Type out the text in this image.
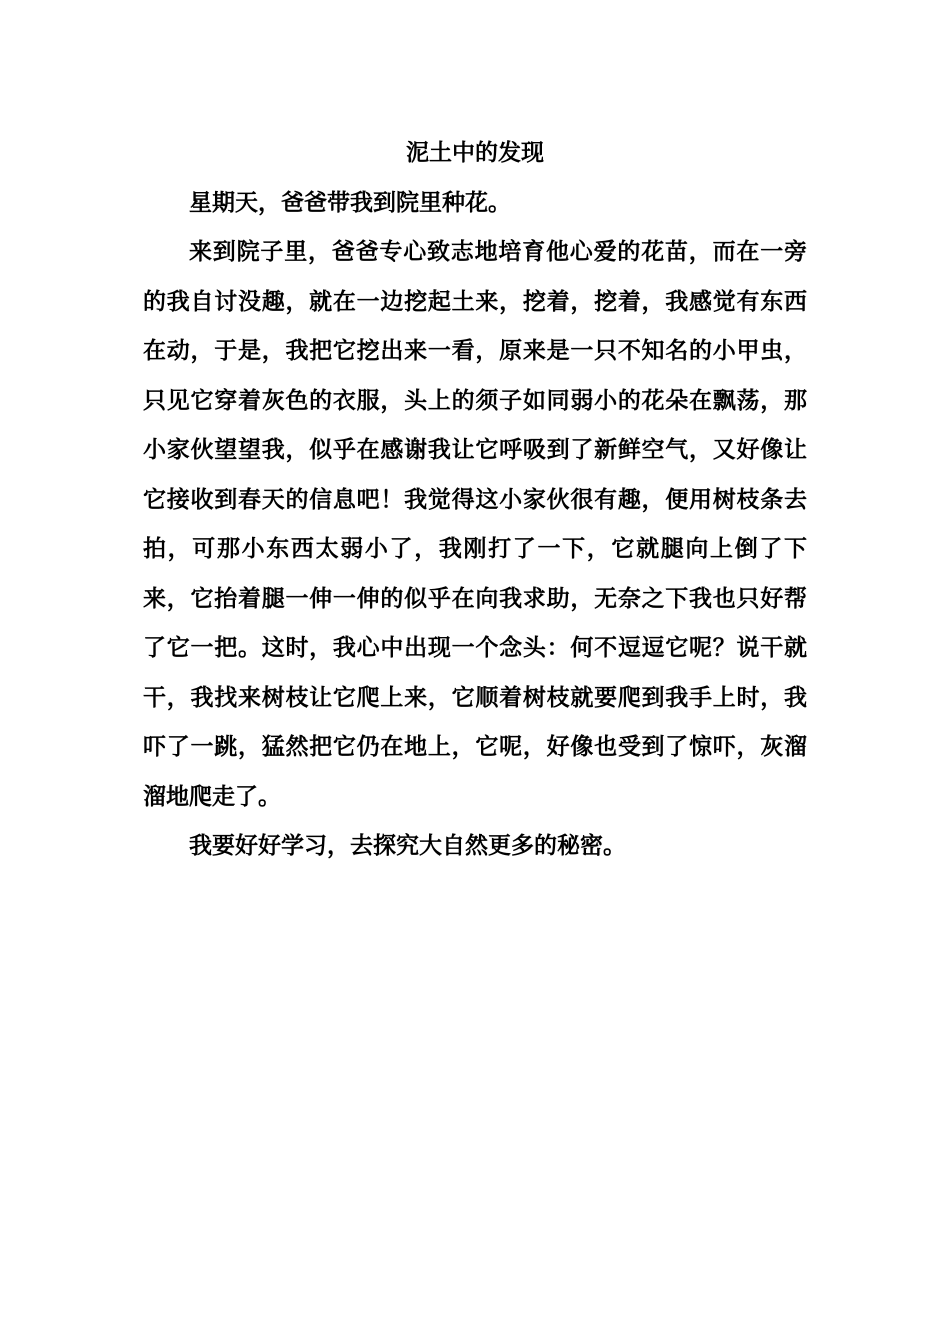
泥土中的发现

星期天，爸爸带我到院里种花。

来到院子里，爸爸专心致志地培育他心爱的花苗，而在一旁的我自讨没趣，就在一边挖起土来，挖着，挖着，我感觉有东西在动，于是，我把它挖出来一看，原来是一只不知名的小甲虫，只见它穿着灰色的衣服，头上的须子如同弱小的花朵在飘荡，那小家伙望望我，似乎在感谢我让它呼吸到了新鲜空气，又好像让它接收到春天的信息吧！我觉得这小家伙很有趣，便用树枝条去拍，可那小东西太弱小了，我刚打了一下，它就腿向上倒了下来，它抬着腿一伸一伸的似乎在向我求助，无奈之下我也只好帮了它一把。这时，我心中出现一个念头：何不逗逗它呢？说干就干，我找来树枝让它爬上来，它顺着树枝就要爬到我手上时，我吓了一跳，猛然把它仍在地上，它呢，好像也受到了惊吓，灰溜溜地爬走了。

我要好好学习，去探究大自然更多的秘密。
